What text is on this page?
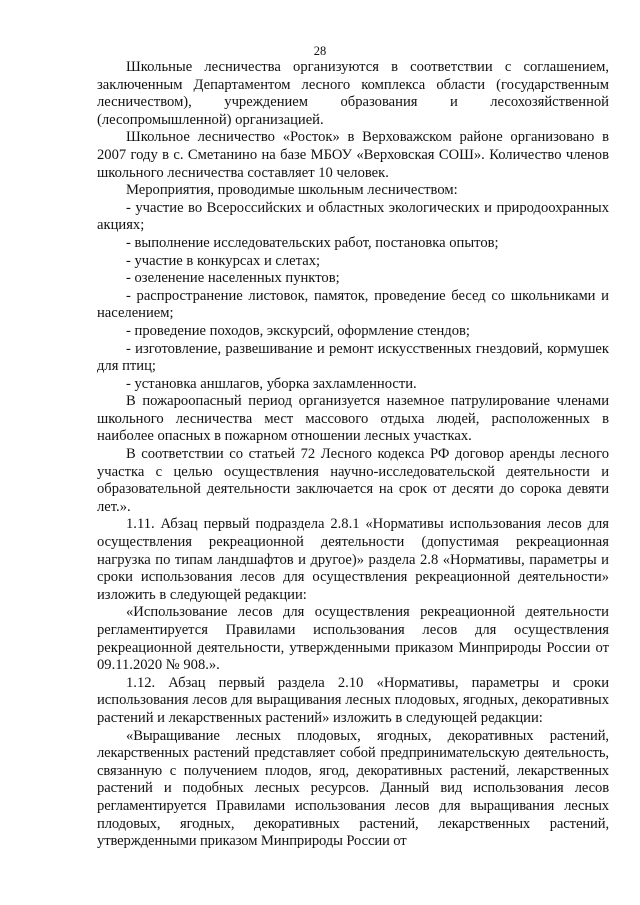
28

Школьные лесничества организуются в соответствии с соглашением, заключенным Департаментом лесного комплекса области (государственным лесничеством), учреждением образования и лесохозяйственной (лесопромышленной) организацией.

Школьное лесничество «Росток» в Верховажском районе организовано в 2007 году в с. Сметанино на базе МБОУ «Верховская СОШ». Количество членов школьного лесничества составляет 10 человек.

Мероприятия, проводимые школьным лесничеством:

- участие во Всероссийских и областных экологических и природоохранных акциях;

- выполнение исследовательских работ, постановка опытов;

- участие в конкурсах и слетах;

- озеленение населенных пунктов;

- распространение листовок, памяток, проведение бесед со школьниками и населением;

- проведение походов, экскурсий, оформление стендов;

- изготовление, развешивание и ремонт искусственных гнездовий, кормушек для птиц;

- установка аншлагов, уборка захламленности.

В пожароопасный период организуется наземное патрулирование членами школьного лесничества мест массового отдыха людей, расположенных в наиболее опасных в пожарном отношении лесных участках.

В соответствии со статьей 72 Лесного кодекса РФ договор аренды лесного участка с целью осуществления научно-исследовательской деятельности и образовательной деятельности заключается на срок от десяти до сорока девяти лет.».

1.11. Абзац первый подраздела 2.8.1 «Нормативы использования лесов для осуществления рекреационной деятельности (допустимая рекреационная нагрузка по типам ландшафтов и другое)» раздела 2.8 «Нормативы, параметры и сроки использования лесов для осуществления рекреационной деятельности» изложить в следующей редакции:

«Использование лесов для осуществления рекреационной деятельности регламентируется Правилами использования лесов для осуществления рекреационной деятельности, утвержденными приказом Минприроды России от 09.11.2020 № 908.».

1.12. Абзац первый раздела 2.10 «Нормативы, параметры и сроки использования лесов для выращивания лесных плодовых, ягодных, декоративных растений и лекарственных растений» изложить в следующей редакции:

«Выращивание лесных плодовых, ягодных, декоративных растений, лекарственных растений представляет собой предпринимательскую деятельность, связанную с получением плодов, ягод, декоративных растений, лекарственных растений и подобных лесных ресурсов. Данный вид использования лесов регламентируется Правилами использования лесов для выращивания лесных плодовых, ягодных, декоративных растений, лекарственных растений, утвержденными приказом Минприроды России от
